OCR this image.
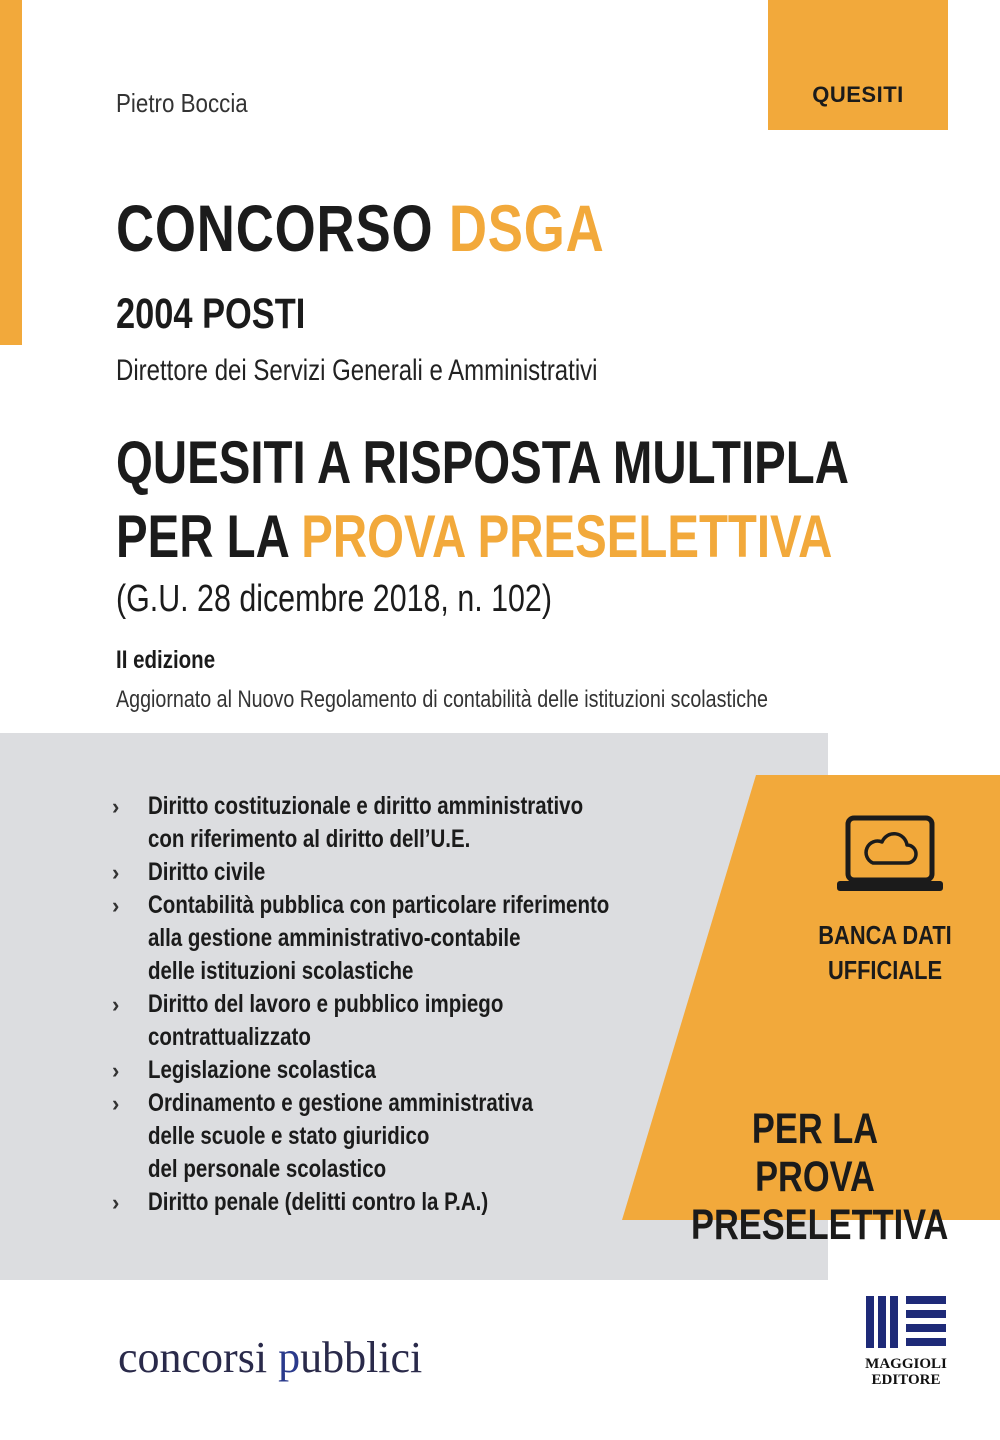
QUESITI
Pietro Boccia
CONCORSO DSGA
2004 POSTI
Direttore dei Servizi Generali e Amministrativi
QUESITI A RISPOSTA MULTIPLA
PER LA PROVA PRESELETTIVA
(G.U. 28 dicembre 2018, n. 102)
II edizione
Aggiornato al Nuovo Regolamento di contabilità delle istituzioni scolastiche
› Diritto costituzionale e diritto amministrativo
con riferimento al diritto dell’U.E.
› Diritto civile
› Contabilità pubblica con particolare riferimento
alla gestione amministrativo-contabile
delle istituzioni scolastiche
› Diritto del lavoro e pubblico impiego
contrattualizzato
› Legislazione scolastica
› Ordinamento e gestione amministrativa
delle scuole e stato giuridico
del personale scolastico
› Diritto penale (delitti contro la P.A.)
BANCA DATI
UFFICIALE
PER LA PROVA
PRESELETTIVA
concorsi pubblici	MAGGIOLI
EDITORE
